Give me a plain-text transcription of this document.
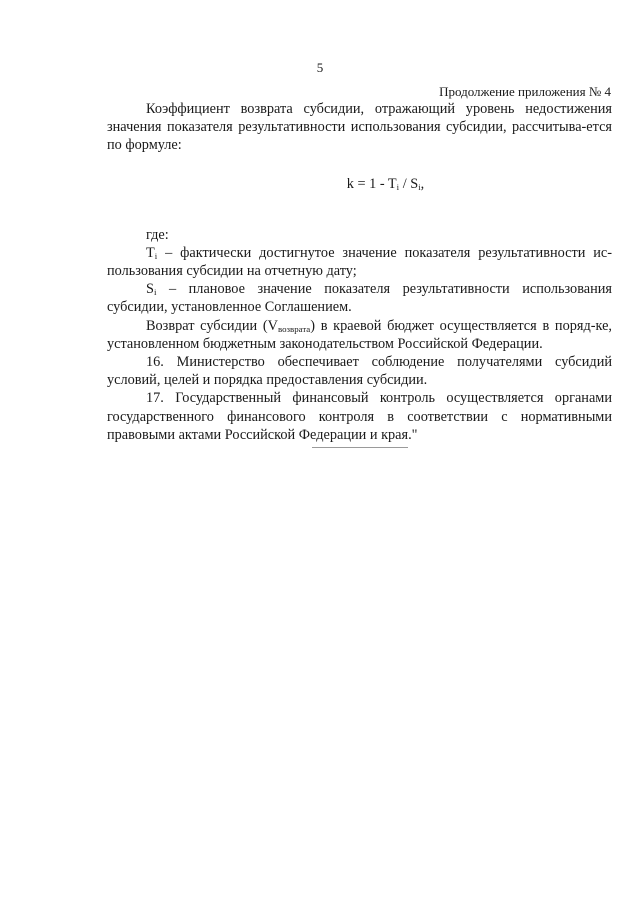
5
Продолжение приложения № 4

Коэффициент возврата субсидии, отражающий уровень недостижения значения показателя результативности использования субсидии, рассчитыва-ется по формуле:

$k = 1 - T_i / S_i$,

где:

$T_i$ – фактически достигнутое значение показателя результативности ис-пользования субсидии на отчетную дату;

$S_i$ – плановое значение показателя результативности использования субсидии, установленное Соглашением.

Возврат субсидии $(V_{возврата})$ в краевой бюджет осуществляется в поряд-ке, установленном бюджетным законодательством Российской Федерации.

16. Министерство обеспечивает соблюдение получателями субсидий условий, целей и порядка предоставления субсидии.

17. Государственный финансовый контроль осуществляется органами государственного финансового контроля в соответствии с нормативными правовыми актами Российской Федерации и края."
